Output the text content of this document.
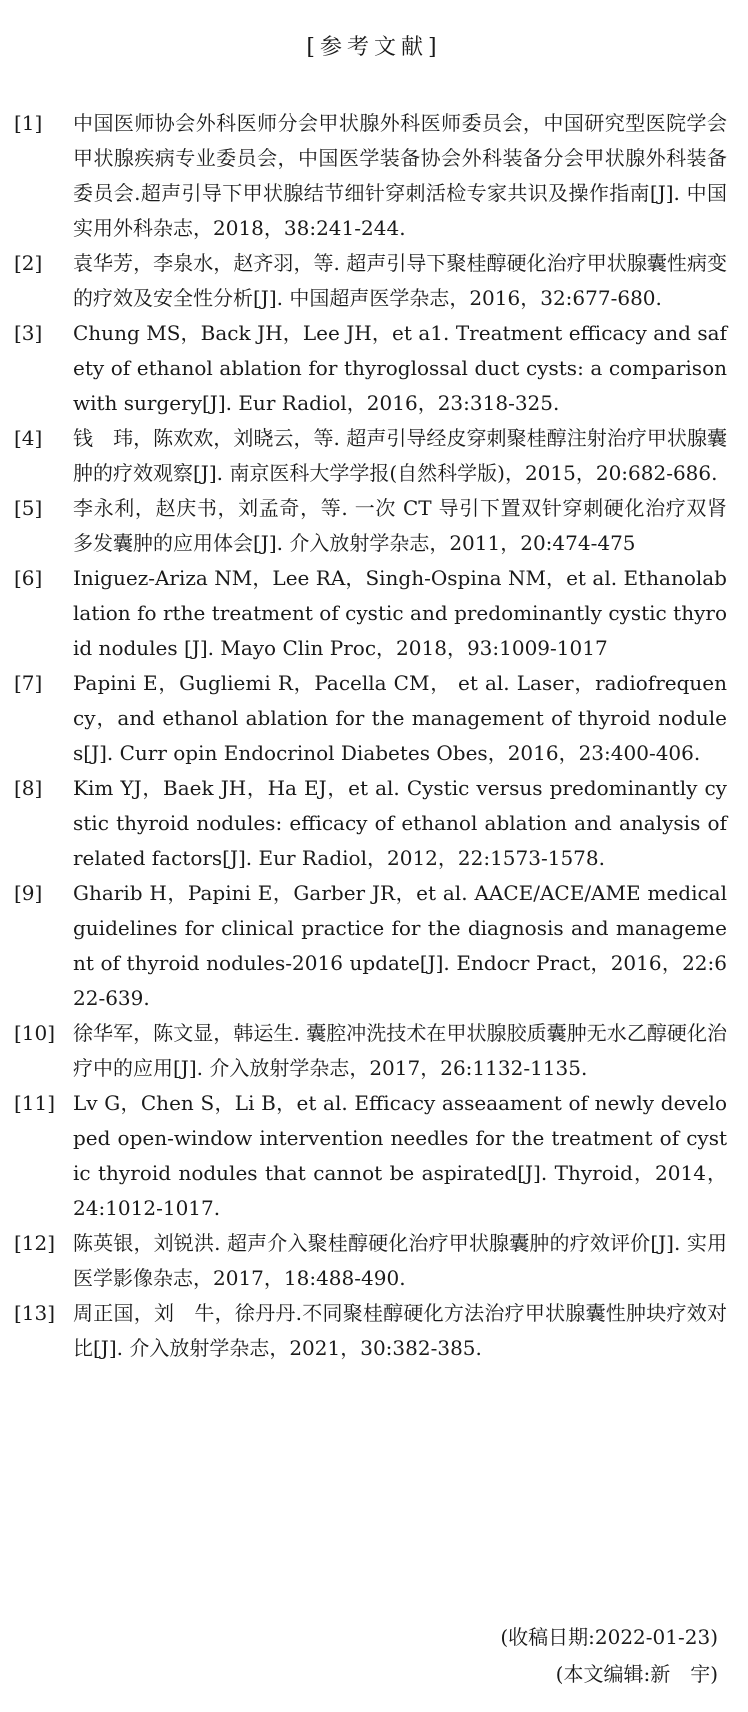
[参考文献]
[1] 中国医师协会外科医师分会甲状腺外科医师委员会，中国研究型医院学会甲状腺疾病专业委员会，中国医学装备协会外科装备分会甲状腺外科装备委员会.超声引导下甲状腺结节细针穿刺活检专家共识及操作指南[J]. 中国实用外科杂志，2018，38:241-244.
[2] 袁华芳，李泉水，赵齐羽，等. 超声引导下聚桂醇硬化治疗甲状腺囊性病变的疗效及安全性分析[J]. 中国超声医学杂志，2016，32:677-680.
[3] Chung MS，Back JH，Lee JH，et a1. Treatment efficacy and safety of ethanol ablation for thyroglossal duct cysts: a comparison with surgery[J]. Eur Radiol，2016，23:318-325.
[4] 钱　玮，陈欢欢，刘晓云，等. 超声引导经皮穿刺聚桂醇注射治疗甲状腺囊肿的疗效观察[J]. 南京医科大学学报(自然科学版)，2015，20:682-686.
[5] 李永利，赵庆书，刘孟奇，等. 一次 CT 导引下置双针穿刺硬化治疗双肾多发囊肿的应用体会[J]. 介入放射学杂志，2011，20:474-475
[6] Iniguez-Ariza NM，Lee RA，Singh-Ospina NM，et al. Ethanolablation fo rthe treatment of cystic and predominantly cystic thyroid nodules [J]. Mayo Clin Proc，2018，93:1009-1017
[7] Papini E，Gugliemi R，Pacella CM， et al. Laser，radiofrequency，and ethanol ablation for the management of thyroid nodules[J]. Curr opin Endocrinol Diabetes Obes，2016，23:400-406.
[8] Kim YJ，Baek JH，Ha EJ，et al. Cystic versus predominantly cystic thyroid nodules: efficacy of ethanol ablation and analysis of related factors[J]. Eur Radiol，2012，22:1573-1578.
[9] Gharib H，Papini E，Garber JR，et al. AACE/ACE/AME medical guidelines for clinical practice for the diagnosis and management of thyroid nodules-2016 update[J]. Endocr Pract，2016，22:622-639.
[10] 徐华军，陈文显，韩运生. 囊腔冲洗技术在甲状腺胶质囊肿无水乙醇硬化治疗中的应用[J]. 介入放射学杂志，2017，26:1132-1135.
[11] Lv G，Chen S，Li B，et al. Efficacy asseaament of newly developed open-window intervention needles for the treatment of cystic thyroid nodules that cannot be aspirated[J]. Thyroid，2014，24:1012-1017.
[12] 陈英银，刘锐洪. 超声介入聚桂醇硬化治疗甲状腺囊肿的疗效评价[J]. 实用医学影像杂志，2017，18:488-490.
[13] 周正国，刘　牛，徐丹丹.不同聚桂醇硬化方法治疗甲状腺囊性肿块疗效对比[J]. 介入放射学杂志，2021，30:382-385.
(收稿日期:2022-01-23)
(本文编辑:新　宇)
